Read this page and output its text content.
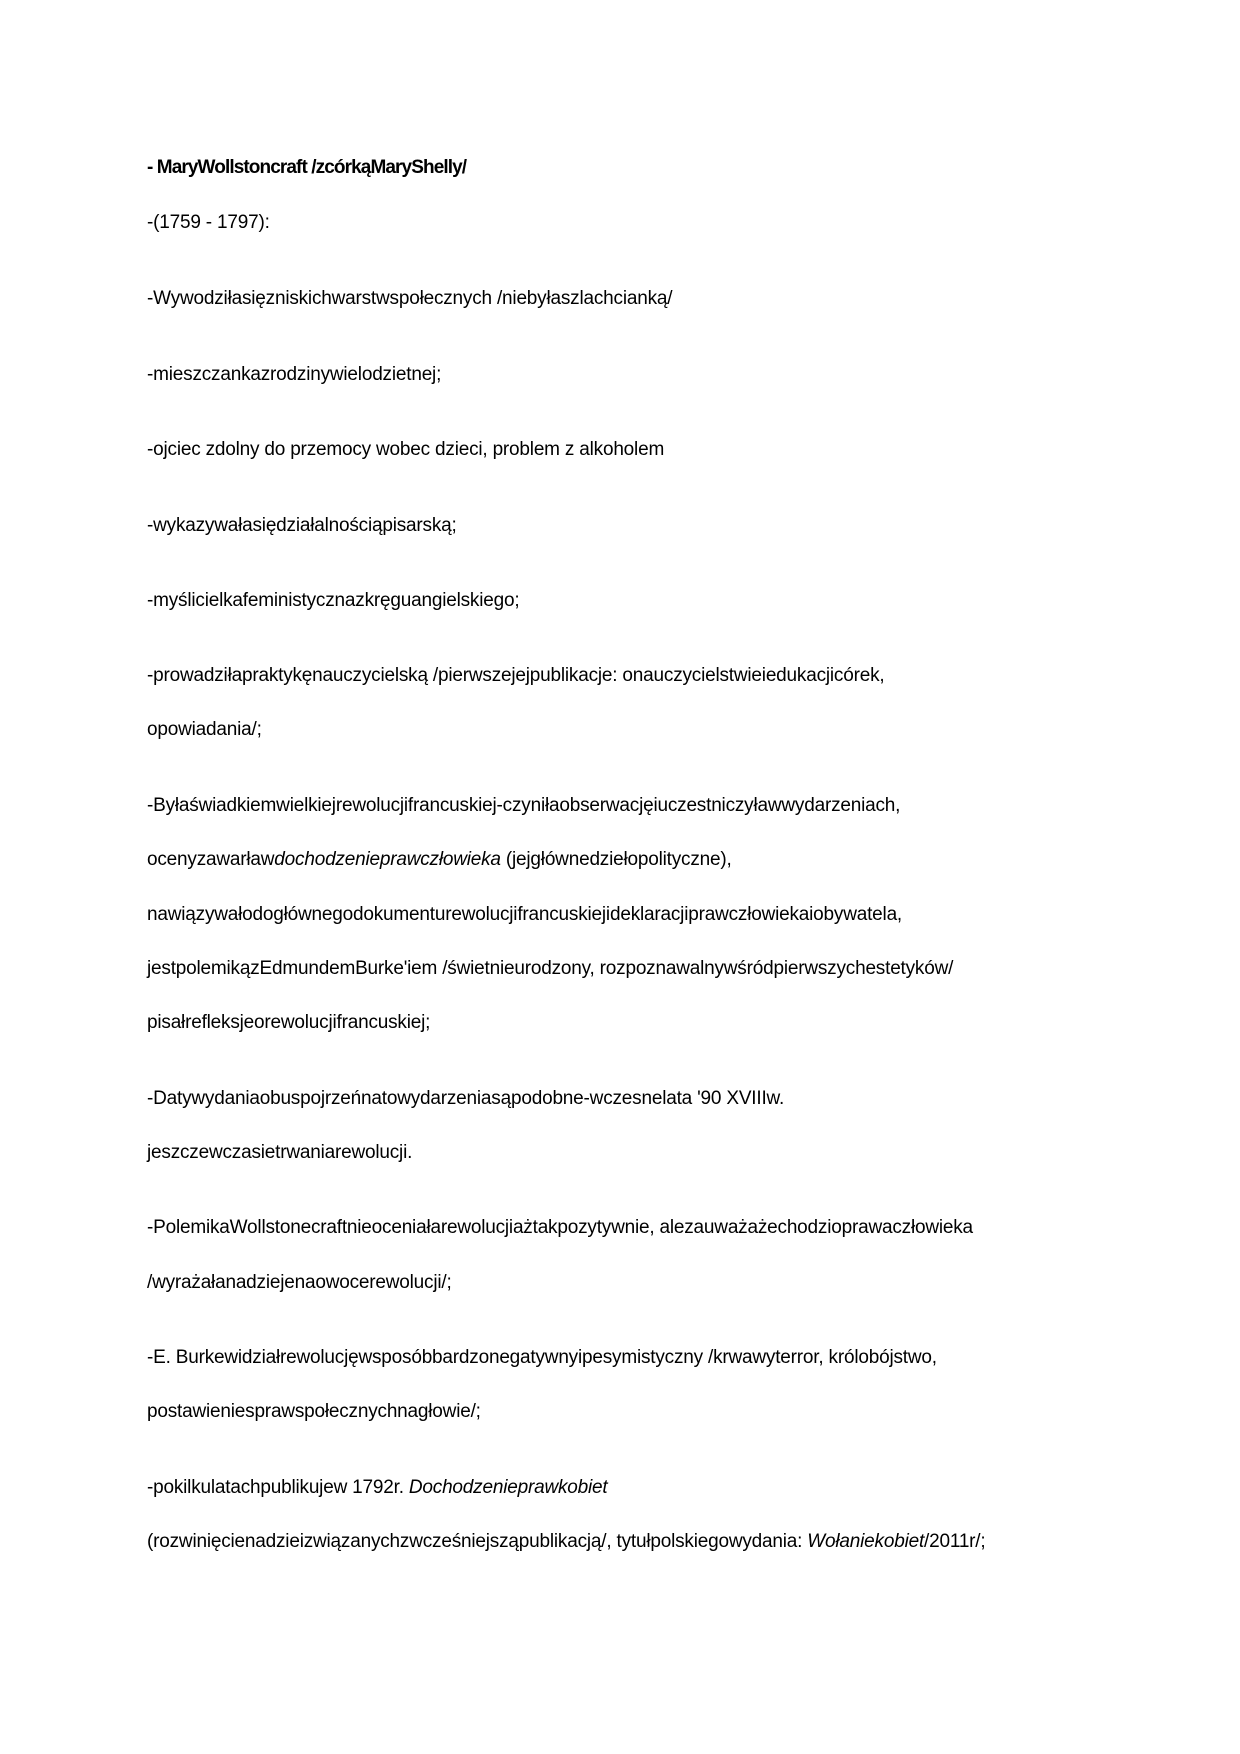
- MaryWollstoncraft /zcórkąMaryShelly/
-(1759 - 1797):
-Wywodziłasięzniskichwarstwspołecznych /niebyłaszlachcianką/
-mieszczankazrodzinywielodzietnej;
-ojciec zdolny do przemocy wobec dzieci, problem z alkoholem
-wykazywałasiędziałalnościąpisarską;
-myślicielkafeministycznazkręguangielskiego;
-prowadziłapraktykęnauczycielską /pierwszejejpublikacje: onauczycielstwieiedukacjicórek,
opowiadania/;
-Byłaświadkiemwielkiejrewolucjifrancuskiej-czyniłaobserwacjęiuczestniczyławwydarzeniach,
ocenyzawarławdochodzenieprawczłowieka (jejgłównedziełopolityczne),
nawiązywałodogłównegodokumenturewolucjifrancuskiejideklaracjiprawczłowiekaiobywatela,
jestpolemikązEdmundemBurke'iem /świetnieurodzony, rozpoznawalnywśródpierwszychestetyków/
pisałrefleksjeorewolucjifrancuskiej;
-Datywydaniaobuspojrzeńnatowydarzeniasąpodobne-wczesnelata '90 XVIIIw.
jeszczewczasietrwaniarewolucji.
-PolemikaWollstonecraftnieoceniałarewolucjiażtakpozytywnie, alezauważażechodzioprawaczłowieka
/wyrażałanadziejenaowocerewolucji/;
-E. Burkewidziałrewolucjęwsposóbbardzonegatywnyipesymistyczny /krwawyterror, królobójstwo,
postawieniesprawspołecznychnagłowie/;
-pokilkulatachpublikujew 1792r. Dochodzenieprawkobiet
(rozwinięcienadzieizwiązanychzwcześniejsząpublikacją/, tytułpolskiegowydania: Wołaniekobiet/2011r/;
